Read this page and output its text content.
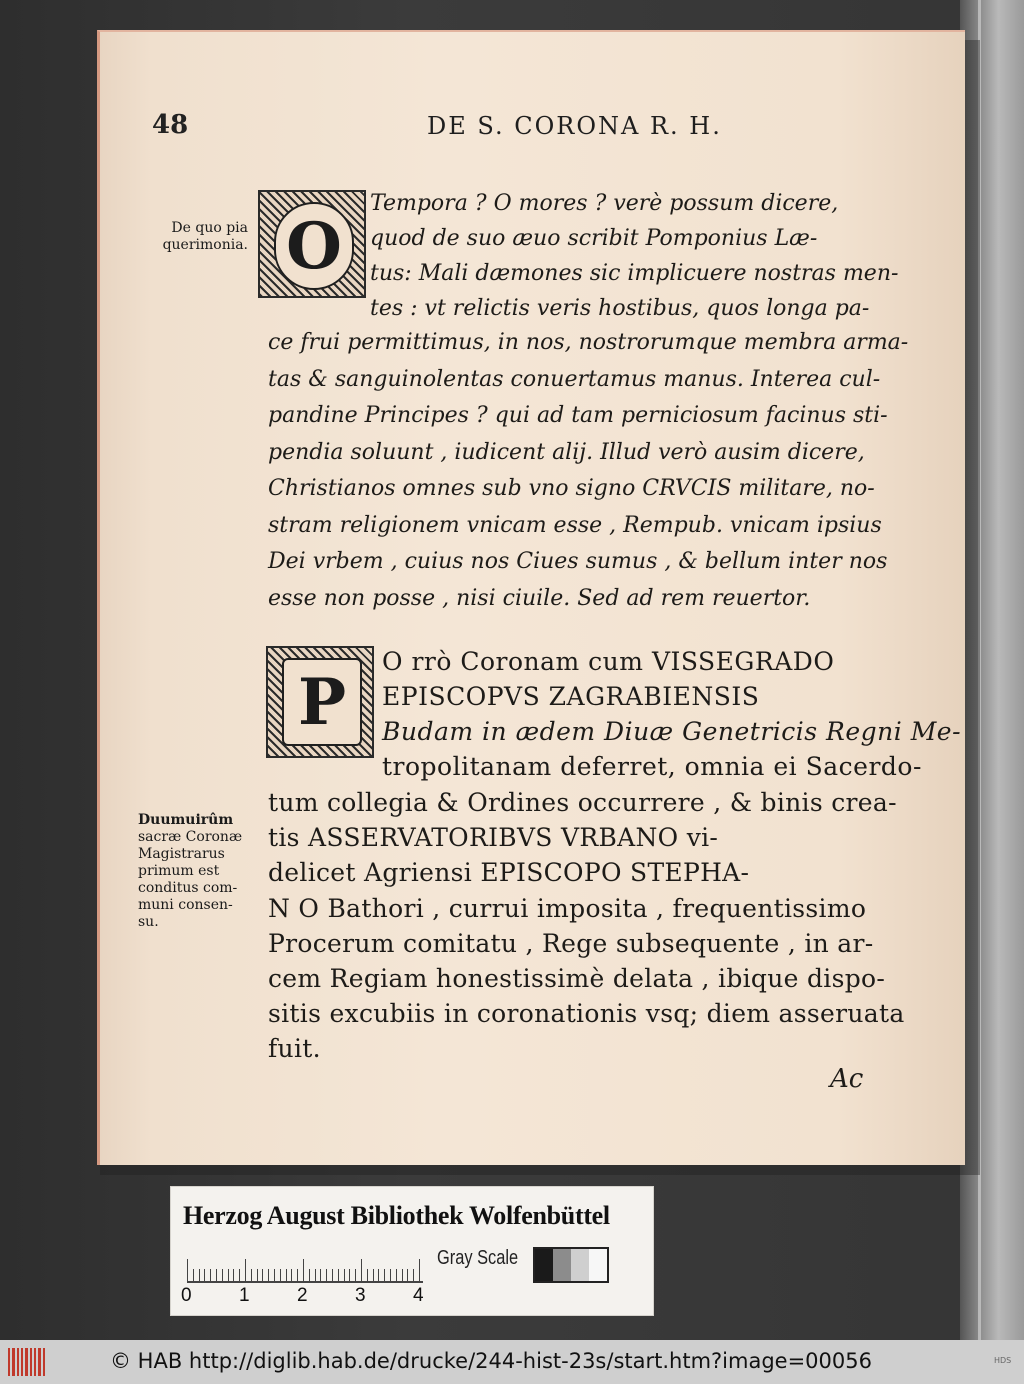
48	DE S. CORONA R. H.
De quo pia
querimonia. O

Tempora ? O mores ? verè possum dicere,
quod de suo æuo scribit Pomponius Læ-
tus: Mali dæmones sic implicuere nostras men-
tes : vt relictis veris hostibus, quos longa pa-

ce frui permittimus, in nos, nostrorumque membra arma-
tas & sanguinolentas conuertamus manus. Interea cul-
pandine Principes ? qui ad tam perniciosum facinus sti-
pendia soluunt , iudicent alij. Illud verò ausim dicere,
Christianos omnes sub vno signo CRVCIS militare, no-
stram religionem vnicam esse , Rempub. vnicam ipsius
Dei vrbem , cuius nos Ciues sumus , & bellum inter nos
esse non posse , nisi ciuile. Sed ad rem reuertor.

P

O rrò Coronam cum VISSEGRADO
EPISCOPVS ZAGRABIENSIS
Budam in ædem Diuæ Genetricis Regni Me-
tropolitanam deferret, omnia ei Sacerdo-

Duumuirûm
sacræ Coronæ
Magistrarus
primum est
conditus com-
muni consen-
su.

tum collegia & Ordines occurrere , & binis crea-
tis ASSERVATORIBVS VRBANO vi-
delicet Agriensi EPISCOPO STEPHA-
N O Bathori , currui imposita , frequentissimo
Procerum comitatu , Rege subsequente , in ar-
cem Regiam honestissimè delata , ibique dispo-
sitis excubiis in coronationis vsq; diem asseruata
fuit.

Ac
Herzog August Bibliothek Wolfenbüttel
0 1 2 3 4
Gray Scale
© HAB http://diglib.hab.de/drucke/244-hist-23s/start.htm?image=00056	HDS
